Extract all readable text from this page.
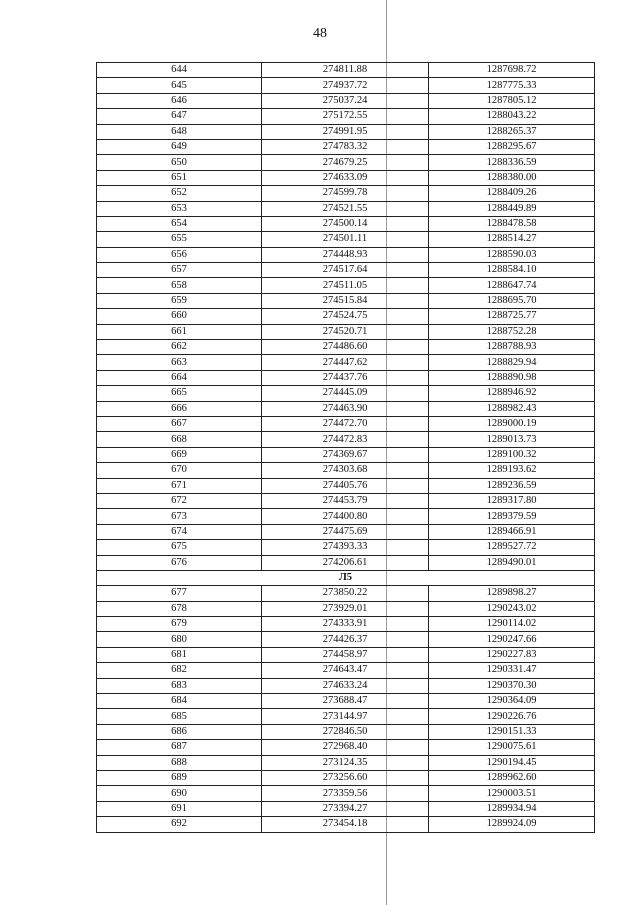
48
644	274811.88	1287698.72
645	274937.72	1287775.33
646	275037.24	1287805.12
647	275172.55	1288043.22
648	274991.95	1288265.37
649	274783.32	1288295.67
650	274679.25	1288336.59
651	274633.09	1288380.00
652	274599.78	1288409.26
653	274521.55	1288449.89
654	274500.14	1288478.58
655	274501.11	1288514.27
656	274448.93	1288590.03
657	274517.64	1288584.10
658	274511.05	1288647.74
659	274515.84	1288695.70
660	274524.75	1288725.77
661	274520.71	1288752.28
662	274486.60	1288788.93
663	274447.62	1288829.94
664	274437.76	1288890.98
665	274445.09	1288946.92
666	274463.90	1288982.43
667	274472.70	1289000.19
668	274472.83	1289013.73
669	274369.67	1289100.32
670	274303.68	1289193.62
671	274405.76	1289236.59
672	274453.79	1289317.80
673	274400.80	1289379.59
674	274475.69	1289466.91
675	274393.33	1289527.72
676	274206.61	1289490.01
Л5		
677	273850.22	1289898.27
678	273929.01	1290243.02
679	274333.91	1290114.02
680	274426.37	1290247.66
681	274458.97	1290227.83
682	274643.47	1290331.47
683	274633.24	1290370.30
684	273688.47	1290364.09
685	273144.97	1290226.76
686	272846.50	1290151.33
687	272968.40	1290075.61
688	273124.35	1290194.45
689	273256.60	1289962.60
690	273359.56	1290003.51
691	273394.27	1289934.94
692	273454.18	1289924.09
